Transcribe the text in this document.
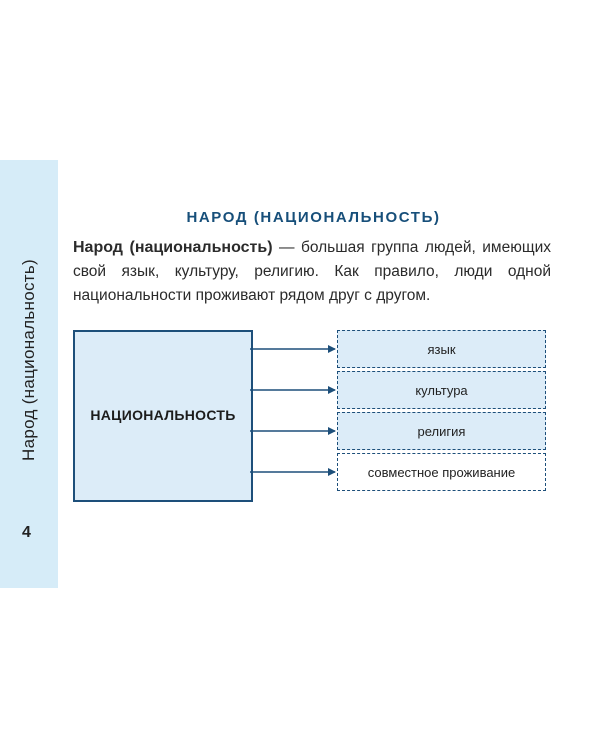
Народ (национальность)
4
НАРОД (НАЦИОНАЛЬНОСТЬ)

Народ (национальность) — большая группа людей, имеющих свой язык, культуру, религию. Как правило, люди одной национальности проживают рядом друг с другом.

НАЦИОНАЛЬНОСТЬ
язык
культура
религия
совместное проживание
